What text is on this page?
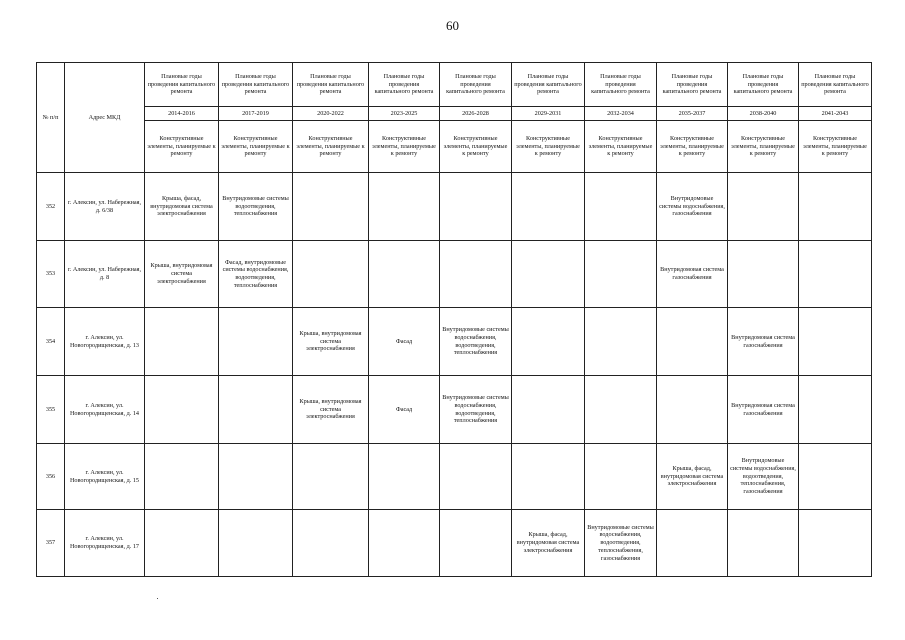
60
№ п/п	Адрес МКД	Плановые годы проведения капитального ремонта	Плановые годы проведения капитального ремонта	Плановые годы проведения капитального ремонта	Плановые годы проведения капитального ремонта	Плановые годы проведения капитального ремонта	Плановые годы проведения капитального ремонта	Плановые годы проведения капитального ремонта	Плановые годы проведения капитального ремонта	Плановые годы проведения капитального ремонта	Плановые годы проведения капитального ремонта
		2014-2016	2017-2019	2020-2022	2023-2025	2026-2028	2029-2031	2032-2034	2035-2037	2038-2040	2041-2043
		Конструктивные элементы, планируемые к ремонту	Конструктивные элементы, планируемые к ремонту	Конструктивные элементы, планируемые к ремонту	Конструктивные элементы, планируемые к ремонту	Конструктивные элементы, планируемые к ремонту	Конструктивные элементы, планируемые к ремонту	Конструктивные элементы, планируемые к ремонту	Конструктивные элементы, планируемые к ремонту	Конструктивные элементы, планируемые к ремонту	Конструктивные элементы, планируемые к ремонту
352	г. Алексин, ул. Набережная, д. 6/38	Крыша, фасад, внутридомовая система электроснабжения	Внутридомовые системы водоотведения, теплоснабжения						Внутридомовые системы водоснабжения, газоснабжения		
353	г. Алексин, ул. Набережная, д. 8	Крыша, внутридомовая система электроснабжения	Фасад, внутридомовые системы водоснабжения, водоотведения, теплоснабжения						Внутридомовая система газоснабжения		
354	г. Алексин, ул. Новогородищенская, д. 13			Крыша, внутридомовая система электроснабжения	Фасад	Внутридомовые системы водоснабжения, водоотведения, теплоснабжения				Внутридомовая система газоснабжения	
355	г. Алексин, ул. Новогородищенская, д. 14			Крыша, внутридомовая система электроснабжения	Фасад	Внутридомовые системы водоснабжения, водоотведения, теплоснабжения				Внутридомовая система газоснабжения	
356	г. Алексин, ул. Новогородищенская, д. 15								Крыша, фасад, внутридомовая система электроснабжения	Внутридомовые системы водоснабжения, водоотведения, теплоснабжения, газоснабжения	
357	г. Алексин, ул. Новогородищенская, д. 17						Крыша, фасад, внутридомовая система электроснабжения	Внутридомовые системы водоснабжения, водоотведения, теплоснабжения, газоснабжения			
